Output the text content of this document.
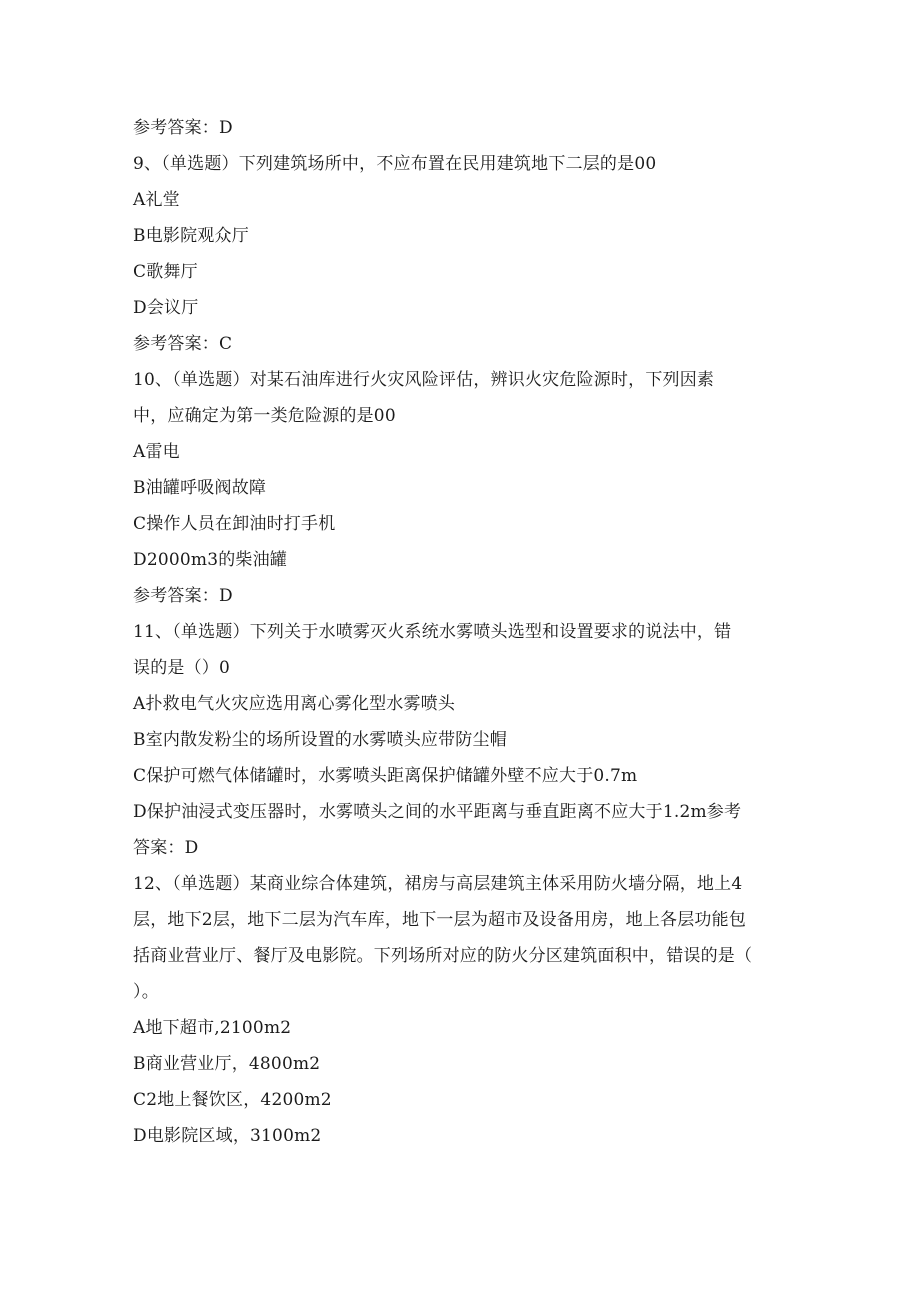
参考答案：D

9、（单选题）下列建筑场所中，不应布置在民用建筑地下二层的是00

A礼堂

B电影院观众厅

C歌舞厅

D会议厅

参考答案：C

10、（单选题）对某石油库进行火灾风险评估，辨识火灾危险源时，下列因素

中，应确定为第一类危险源的是00

A雷电

B油罐呼吸阀故障

C操作人员在卸油时打手机

D2000m3的柴油罐

参考答案：D

11、（单选题）下列关于水喷雾灭火系统水雾喷头选型和设置要求的说法中，错

误的是（）0

A扑救电气火灾应选用离心雾化型水雾喷头

B室内散发粉尘的场所设置的水雾喷头应带防尘帽

C保护可燃气体储罐时，水雾喷头距离保护储罐外壁不应大于0.7m

D保护油浸式变压器时，水雾喷头之间的水平距离与垂直距离不应大于1.2m参考

答案：D

12、（单选题）某商业综合体建筑，裙房与高层建筑主体采用防火墙分隔，地上4

层，地下2层，地下二层为汽车库，地下一层为超市及设备用房，地上各层功能包

括商业营业厅、餐厅及电影院。下列场所对应的防火分区建筑面积中，错误的是（

）。

A地下超市,2100m2

B商业营业厅，4800m2

C2地上餐饮区，4200m2

D电影院区域，3100m2
